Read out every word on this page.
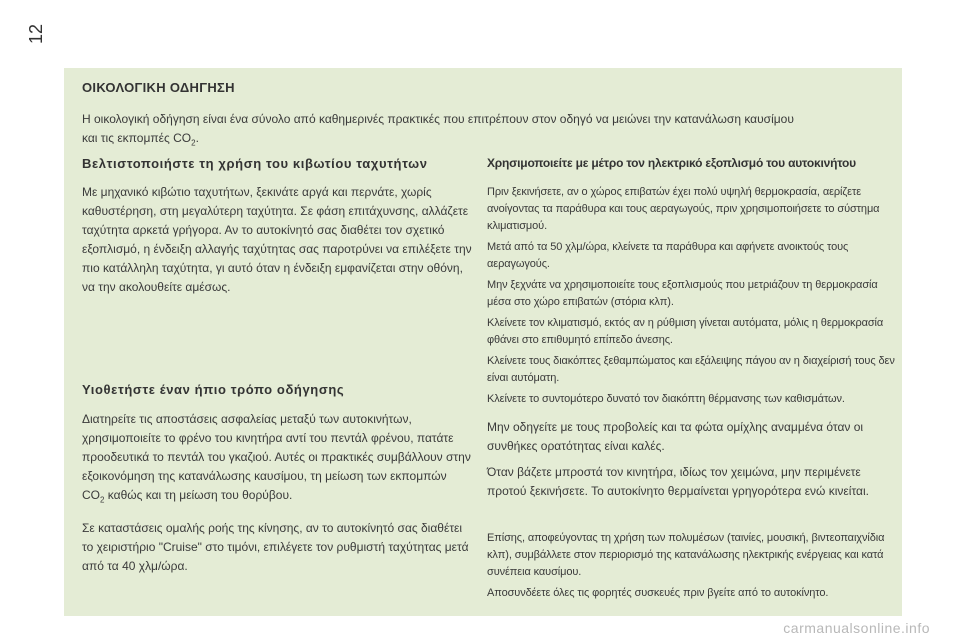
12
ΟΙΚΟΛΟΓΙΚΗ ΟΔΗΓΗΣΗ
Η οικολογική οδήγηση είναι ένα σύνολο από καθημερινές πρακτικές που επιτρέπουν στον οδηγό να μειώνει την κατανάλωση καυσίμου
και τις εκπομπές $CO_2$.
Βελτιστοποιήστε τη χρήση του κιβωτίου ταχυτήτων

Με μηχανικό κιβώτιο ταχυτήτων, ξεκινάτε αργά και περνάτε, χωρίς καθυστέρηση, στη μεγαλύτερη ταχύτητα. Σε φάση επιτάχυνσης, αλλάζετε ταχύτητα αρκετά γρήγορα. Αν το αυτοκίνητό σας διαθέτει τον σχετικό εξοπλισμό, η ένδειξη αλλαγής ταχύτητας σας παροτρύνει να επιλέξετε την πιο κατάλληλη ταχύτητα, γι αυτό όταν η ένδειξη εμφανίζεται στην οθόνη, να την ακολουθείτε αμέσως.

Υιοθετήστε έναν ήπιο τρόπο οδήγησης

Διατηρείτε τις αποστάσεις ασφαλείας μεταξύ των αυτοκινήτων, χρησιμοποιείτε το φρένο του κινητήρα αντί του πεντάλ φρένου, πατάτε προοδευτικά το πεντάλ του γκαζιού. Αυτές οι πρακτικές συμβάλλουν στην εξοικονόμηση της κατανάλωσης καυσίμου, τη μείωση των εκπομπών $CO_2$ καθώς και τη μείωση του θορύβου.

Σε καταστάσεις ομαλής ροής της κίνησης, αν το αυτοκίνητό σας διαθέτει το χειριστήριο "Cruise" στο τιμόνι, επιλέγετε τον ρυθμιστή ταχύτητας μετά από τα 40 χλμ/ώρα.

Χρησιμοποιείτε με μέτρο τον ηλεκτρικό εξοπλισμό του αυτοκινήτου

Πριν ξεκινήσετε, αν ο χώρος επιβατών έχει πολύ υψηλή θερμοκρασία, αερίζετε ανοίγοντας τα παράθυρα και τους αεραγωγούς, πριν χρησιμοποιήσετε το σύστημα κλιματισμού.

Μετά από τα 50 χλμ/ώρα, κλείνετε τα παράθυρα και αφήνετε ανοικτούς τους αεραγωγούς.

Μην ξεχνάτε να χρησιμοποιείτε τους εξοπλισμούς που μετριάζουν τη θερμοκρασία μέσα στο χώρο επιβατών (στόρια κλπ).

Κλείνετε τον κλιματισμό, εκτός αν η ρύθμιση γίνεται αυτόματα, μόλις η θερμοκρασία φθάνει στο επιθυμητό επίπεδο άνεσης.

Κλείνετε τους διακόπτες ξεθαμπώματος και εξάλειψης πάγου αν η διαχείρισή τους δεν είναι αυτόματη.

Κλείνετε το συντομότερο δυνατό τον διακόπτη θέρμανσης των καθισμάτων.

Μην οδηγείτε με τους προβολείς και τα φώτα ομίχλης αναμμένα όταν οι συνθήκες ορατότητας είναι καλές.

Όταν βάζετε μπροστά τον κινητήρα, ιδίως τον χειμώνα, μην περιμένετε προτού ξεκινήσετε. Το αυτοκίνητο θερμαίνεται γρηγορότερα ενώ κινείται.

Επίσης, αποφεύγοντας τη χρήση των πολυμέσων (ταινίες, μουσική, βιντεοπαιχνίδια κλπ), συμβάλλετε στον περιορισμό της κατανάλωσης ηλεκτρικής ενέργειας και κατά συνέπεια καυσίμου.

Αποσυνδέετε όλες τις φορητές συσκευές πριν βγείτε από το αυτοκίνητο.

carmanualsonline.info
